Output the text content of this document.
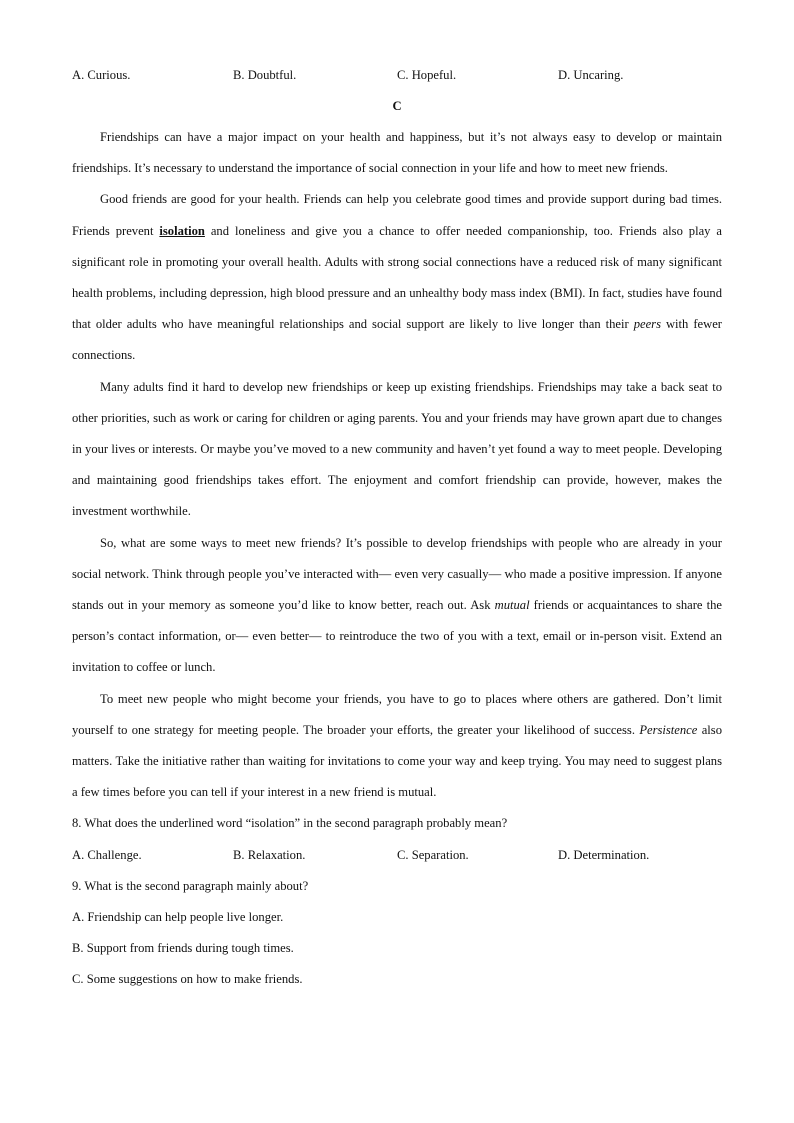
A. Curious.	B. Doubtful.	C. Hopeful.	D. Uncaring.
C

Friendships can have a major impact on your health and happiness, but it’s not always easy to develop or maintain friendships. It’s necessary to understand the importance of social connection in your life and how to meet new friends.

Good friends are good for your health. Friends can help you celebrate good times and provide support during bad times. Friends prevent isolation and loneliness and give you a chance to offer needed companionship, too. Friends also play a significant role in promoting your overall health. Adults with strong social connections have a reduced risk of many significant health problems, including depression, high blood pressure and an unhealthy body mass index (BMI). In fact, studies have found that older adults who have meaningful relationships and social support are likely to live longer than their peers with fewer connections.

Many adults find it hard to develop new friendships or keep up existing friendships. Friendships may take a back seat to other priorities, such as work or caring for children or aging parents. You and your friends may have grown apart due to changes in your lives or interests. Or maybe you’ve moved to a new community and haven’t yet found a way to meet people. Developing and maintaining good friendships takes effort. The enjoyment and comfort friendship can provide, however, makes the investment worthwhile.

So, what are some ways to meet new friends? It’s possible to develop friendships with people who are already in your social network. Think through people you’ve interacted with— even very casually— who made a positive impression. If anyone stands out in your memory as someone you’d like to know better, reach out. Ask mutual friends or acquaintances to share the person’s contact information, or— even better— to reintroduce the two of you with a text, email or in-person visit. Extend an invitation to coffee or lunch.

To meet new people who might become your friends, you have to go to places where others are gathered. Don’t limit yourself to one strategy for meeting people. The broader your efforts, the greater your likelihood of success. Persistence also matters. Take the initiative rather than waiting for invitations to come your way and keep trying. You may need to suggest plans a few times before you can tell if your interest in a new friend is mutual.

8. What does the underlined word “isolation” in the second paragraph probably mean?

A. Challenge.	B. Relaxation.	C. Separation.	D. Determination.

9. What is the second paragraph mainly about?

A. Friendship can help people live longer.

B. Support from friends during tough times.

C. Some suggestions on how to make friends.
